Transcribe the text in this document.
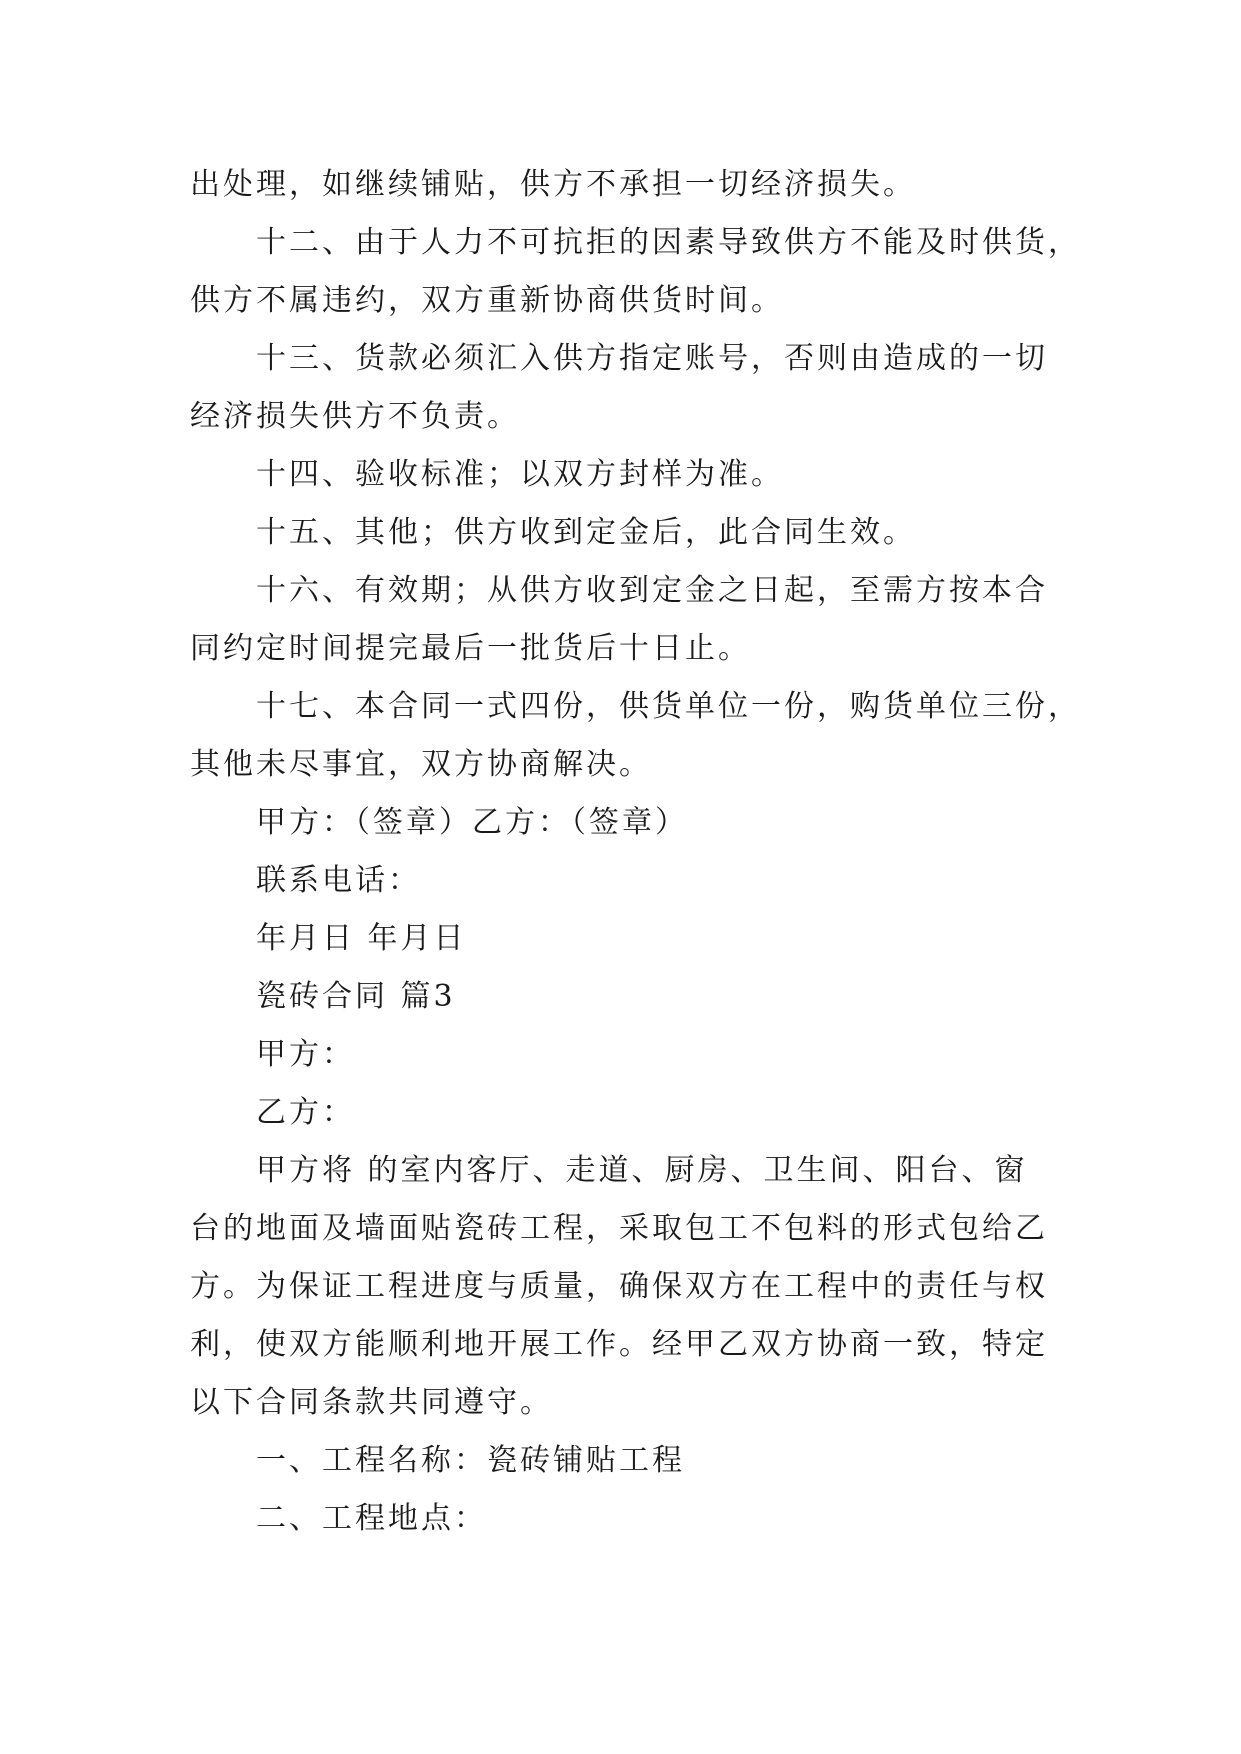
出处理，如继续铺贴，供方不承担一切经济损失。
十二、由于人力不可抗拒的因素导致供方不能及时供货，
供方不属违约，双方重新协商供货时间。
十三、货款必须汇入供方指定账号，否则由造成的一切
经济损失供方不负责。
十四、验收标准；以双方封样为准。
十五、其他；供方收到定金后，此合同生效。
十六、有效期；从供方收到定金之日起，至需方按本合
同约定时间提完最后一批货后十日止。
十七、本合同一式四份，供货单位一份，购货单位三份，
其他未尽事宜，双方协商解决。
甲方：（签章）乙方：（签章）
联系电话：
年月日 年月日
瓷砖合同 篇3
甲方：
乙方：
甲方将 的室内客厅、走道、厨房、卫生间、阳台、窗
台的地面及墙面贴瓷砖工程，采取包工不包料的形式包给乙
方。为保证工程进度与质量，确保双方在工程中的责任与权
利，使双方能顺利地开展工作。经甲乙双方协商一致，特定
以下合同条款共同遵守。
一、工程名称：瓷砖铺贴工程
二、工程地点：
